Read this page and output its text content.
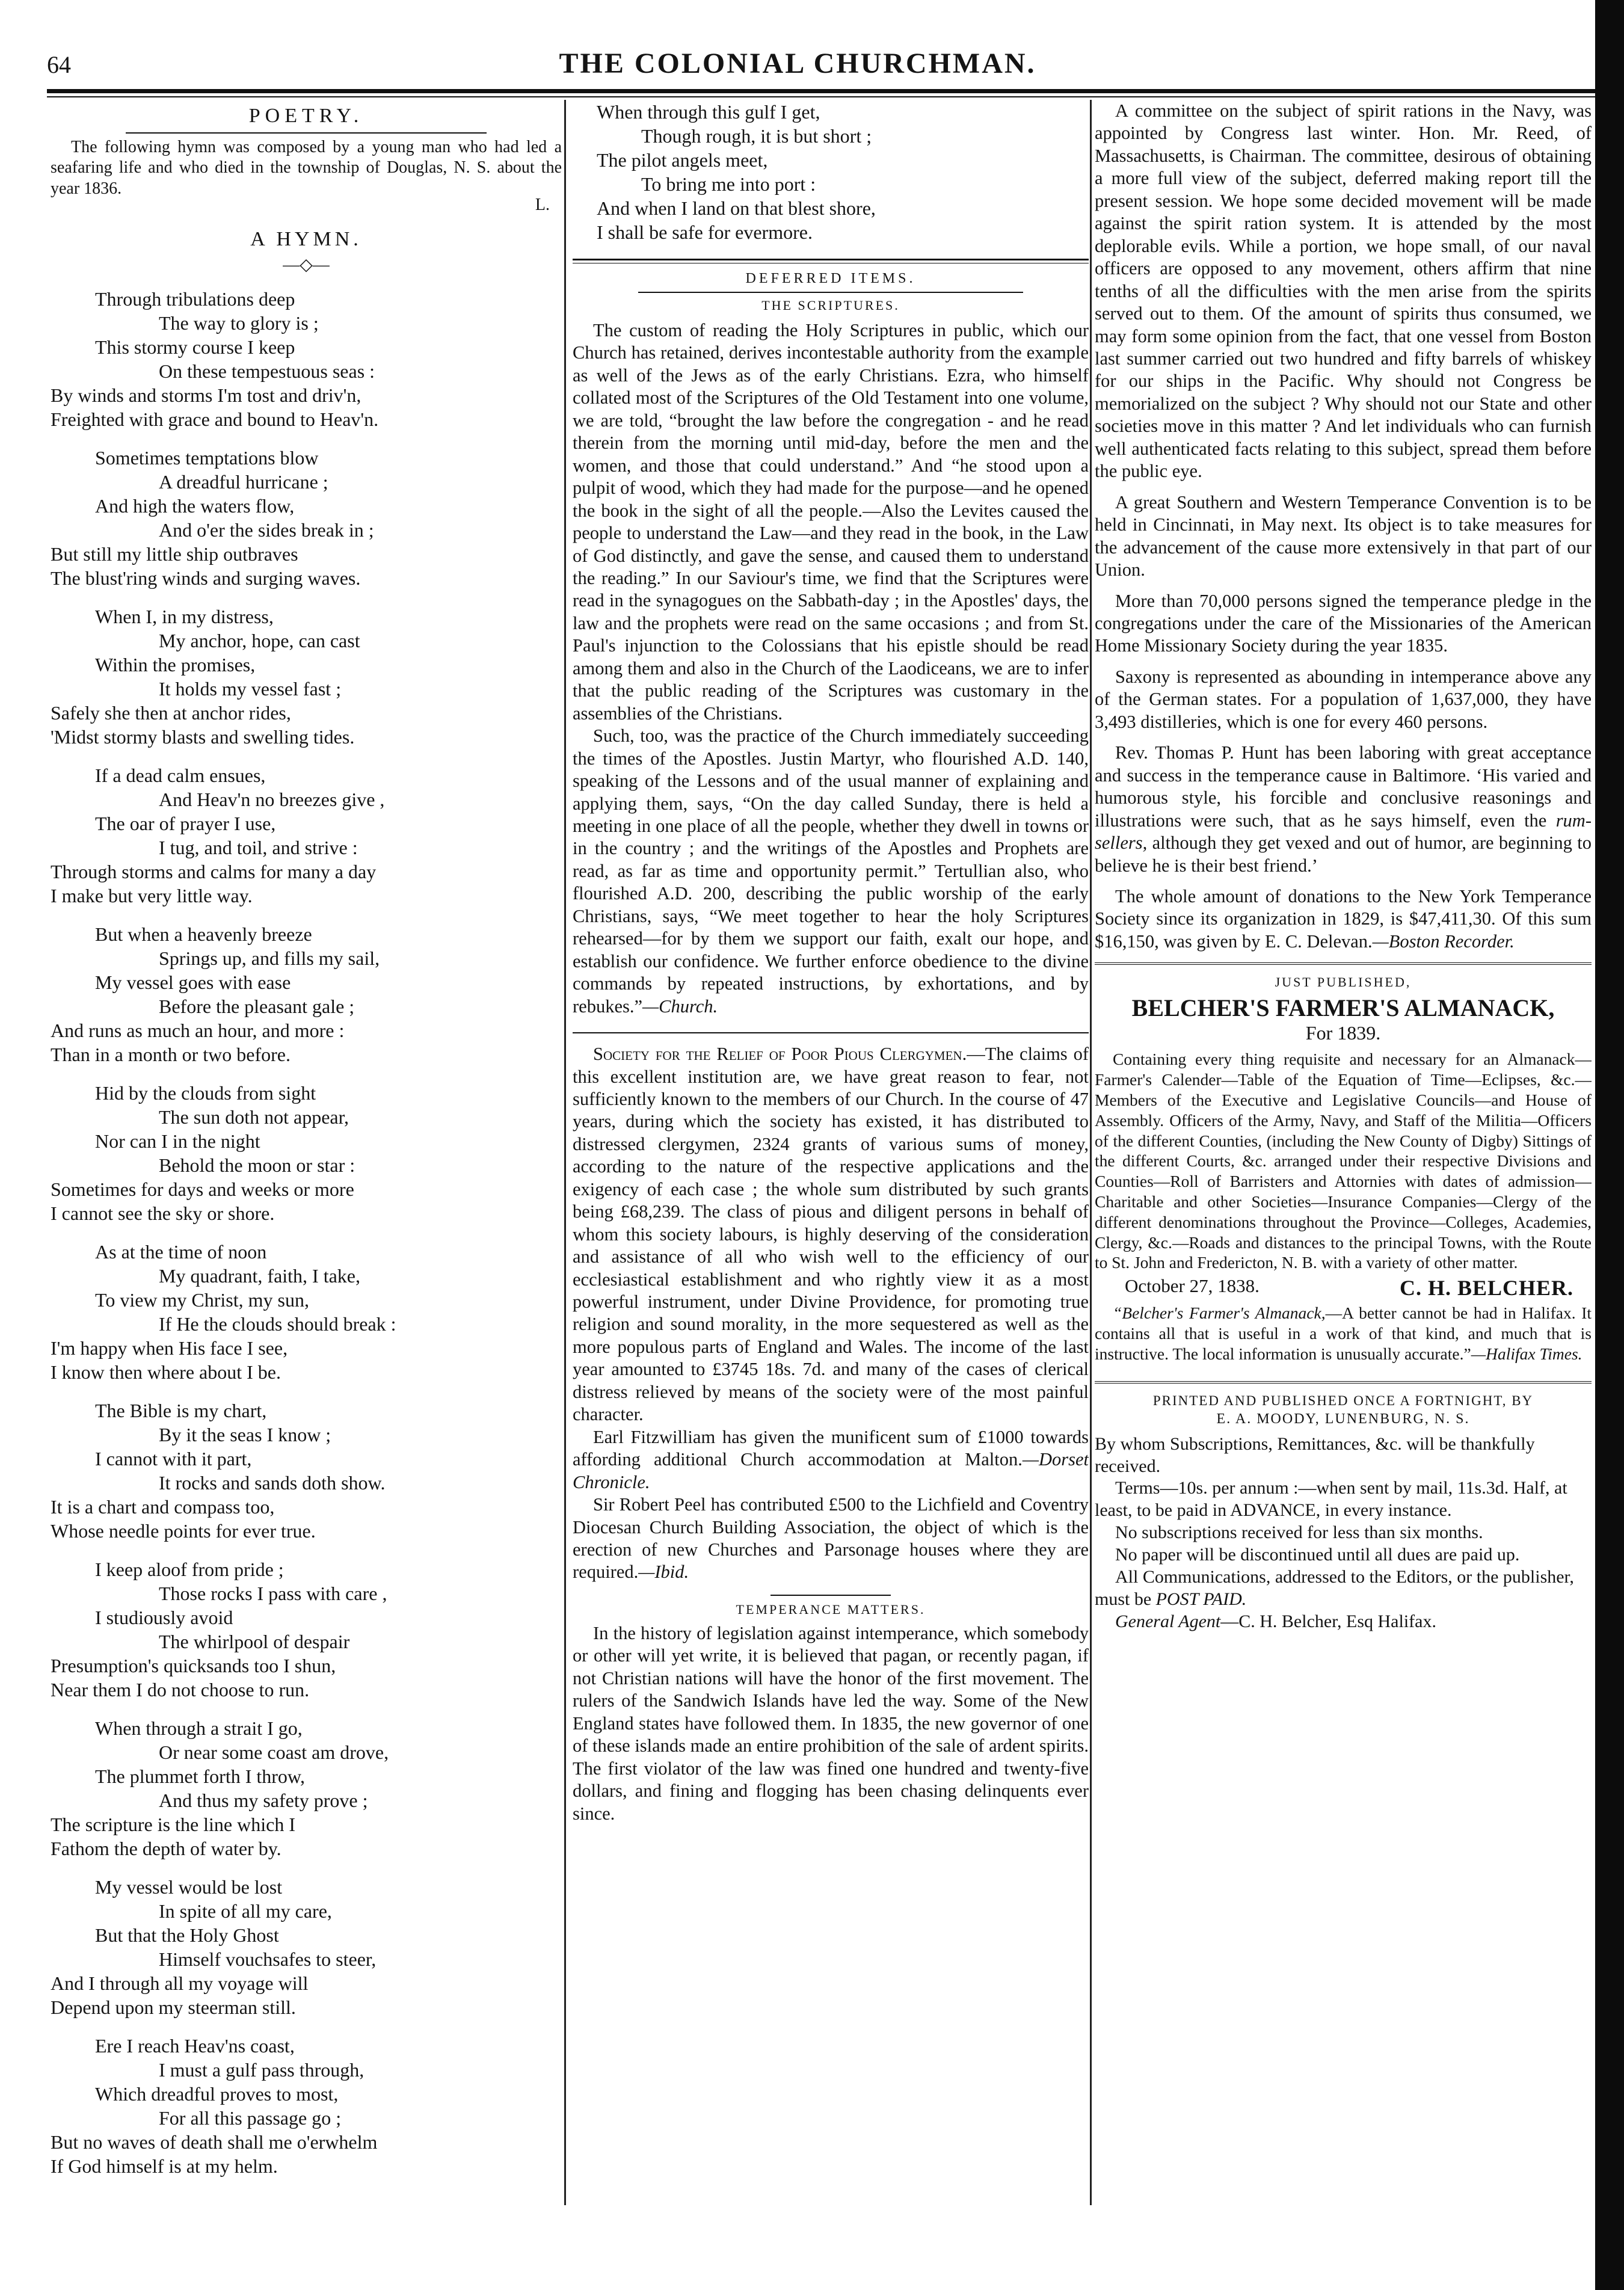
64	THE COLONIAL CHURCHMAN.

POETRY.

The following hymn was composed by a young man who had led a seafaring life and who died in the township of Douglas, N. S. about the year 1836.

L.
A HYMN.
—◇—
Through tribulations deep
The way to glory is ;
This stormy course I keep
On these tempestuous seas :
By winds and storms I'm tost and driv'n,
Freighted with grace and bound to Heav'n.
Sometimes temptations blow
A dreadful hurricane ;
And high the waters flow,
And o'er the sides break in ;
But still my little ship outbraves
The blust'ring winds and surging waves.
When I, in my distress,
My anchor, hope, can cast
Within the promises,
It holds my vessel fast ;
Safely she then at anchor rides,
'Midst stormy blasts and swelling tides.
If a dead calm ensues,
And Heav'n no breezes give ,
The oar of prayer I use,
I tug, and toil, and strive :
Through storms and calms for many a day
I make but very little way.
But when a heavenly breeze
Springs up, and fills my sail,
My vessel goes with ease
Before the pleasant gale ;
And runs as much an hour, and more :
Than in a month or two before.
Hid by the clouds from sight
The sun doth not appear,
Nor can I in the night
Behold the moon or star :
Sometimes for days and weeks or more
I cannot see the sky or shore.
As at the time of noon
My quadrant, faith, I take,
To view my Christ, my sun,
If He the clouds should break :
I'm happy when His face I see,
I know then where about I be.
The Bible is my chart,
By it the seas I know ;
I cannot with it part,
It rocks and sands doth show.
It is a chart and compass too,
Whose needle points for ever true.
I keep aloof from pride ;
Those rocks I pass with care ,
I studiously avoid
The whirlpool of despair
Presumption's quicksands too I shun,
Near them I do not choose to run.
When through a strait I go,
Or near some coast am drove,
The plummet forth I throw,
And thus my safety prove ;
The scripture is the line which I
Fathom the depth of water by.
My vessel would be lost
In spite of all my care,
But that the Holy Ghost
Himself vouchsafes to steer,
And I through all my voyage will
Depend upon my steerman still.
Ere I reach Heav'ns coast,
I must a gulf pass through,
Which dreadful proves to most,
For all this passage go ;
But no waves of death shall me o'erwhelm
If God himself is at my helm.
When through this gulf I get,
Though rough, it is but short ;
The pilot angels meet,
To bring me into port :
And when I land on that blest shore,
I shall be safe for evermore.

DEFERRED ITEMS.

THE SCRIPTURES.

The custom of reading the Holy Scriptures in public, which our Church has retained, derives incontestable authority from the example as well of the Jews as of the early Christians. Ezra, who himself collated most of the Scriptures of the Old Testament into one volume, we are told, “brought the law before the congregation - and he read therein from the morning until mid-day, before the men and the women, and those that could understand.” And “he stood upon a pulpit of wood, which they had made for the purpose—and he opened the book in the sight of all the people.—Also the Levites caused the people to understand the Law—and they read in the book, in the Law of God distinctly, and gave the sense, and caused them to understand the reading.” In our Saviour's time, we find that the Scriptures were read in the synagogues on the Sabbath-day ; in the Apostles' days, the law and the prophets were read on the same occasions ; and from St. Paul's injunction to the Colossians that his epistle should be read among them and also in the Church of the Laodiceans, we are to infer that the public reading of the Scriptures was customary in the assemblies of the Christians.

Such, too, was the practice of the Church immediately succeeding the times of the Apostles. Justin Martyr, who flourished A.D. 140, speaking of the Lessons and of the usual manner of explaining and applying them, says, “On the day called Sunday, there is held a meeting in one place of all the people, whether they dwell in towns or in the country ; and the writings of the Apostles and Prophets are read, as far as time and opportunity permit.” Tertullian also, who flourished A.D. 200, describing the public worship of the early Christians, says, “We meet together to hear the holy Scriptures rehearsed—for by them we support our faith, exalt our hope, and establish our confidence. We further enforce obedience to the divine commands by repeated instructions, by exhortations, and by rebukes.”—Church.

Society for the Relief of Poor Pious Clergymen.—The claims of this excellent institution are, we have great reason to fear, not sufficiently known to the members of our Church. In the course of 47 years, during which the society has existed, it has distributed to distressed clergymen, 2324 grants of various sums of money, according to the nature of the respective applications and the exigency of each case ; the whole sum distributed by such grants being £68,239. The class of pious and diligent persons in behalf of whom this society labours, is highly deserving of the consideration and assistance of all who wish well to the efficiency of our ecclesiastical establishment and who rightly view it as a most powerful instrument, under Divine Providence, for promoting true religion and sound morality, in the more sequestered as well as the more populous parts of England and Wales. The income of the last year amounted to £3745 18s. 7d. and many of the cases of clerical distress relieved by means of the society were of the most painful character.

Earl Fitzwilliam has given the munificent sum of £1000 towards affording additional Church accommodation at Malton.—Dorset Chronicle.

Sir Robert Peel has contributed £500 to the Lichfield and Coventry Diocesan Church Building Association, the object of which is the erection of new Churches and Parsonage houses where they are required.—Ibid.

TEMPERANCE MATTERS.

In the history of legislation against intemperance, which somebody or other will yet write, it is believed that pagan, or recently pagan, if not Christian nations will have the honor of the first movement. The rulers of the Sandwich Islands have led the way. Some of the New England states have followed them. In 1835, the new governor of one of these islands made an entire prohibition of the sale of ardent spirits. The first violator of the law was fined one hundred and twenty-five dollars, and fining and flogging has been chasing delinquents ever since.

A committee on the subject of spirit rations in the Navy, was appointed by Congress last winter. Hon. Mr. Reed, of Massachusetts, is Chairman. The committee, desirous of obtaining a more full view of the subject, deferred making report till the present session. We hope some decided movement will be made against the spirit ration system. It is attended by the most deplorable evils. While a portion, we hope small, of our naval officers are opposed to any movement, others affirm that nine tenths of all the difficulties with the men arise from the spirits served out to them. Of the amount of spirits thus consumed, we may form some opinion from the fact, that one vessel from Boston last summer carried out two hundred and fifty barrels of whiskey for our ships in the Pacific. Why should not Congress be memorialized on the subject ? Why should not our State and other societies move in this matter ? And let individuals who can furnish well authenticated facts relating to this subject, spread them before the public eye.

A great Southern and Western Temperance Convention is to be held in Cincinnati, in May next. Its object is to take measures for the advancement of the cause more extensively in that part of our Union.

More than 70,000 persons signed the temperance pledge in the congregations under the care of the Missionaries of the American Home Missionary Society during the year 1835.

Saxony is represented as abounding in intemperance above any of the German states. For a population of 1,637,000, they have 3,493 distilleries, which is one for every 460 persons.

Rev. Thomas P. Hunt has been laboring with great acceptance and success in the temperance cause in Baltimore. ‘His varied and humorous style, his forcible and conclusive reasonings and illustrations were such, that as he says himself, even the rum-sellers, although they get vexed and out of humor, are beginning to believe he is their best friend.’

The whole amount of donations to the New York Temperance Society since its organization in 1829, is $47,411,30. Of this sum $16,150, was given by E. C. Delevan.—Boston Recorder.

JUST PUBLISHED,

BELCHER'S FARMER'S ALMANACK,

For 1839.

Containing every thing requisite and necessary for an Almanack—Farmer's Calender—Table of the Equation of Time—Eclipses, &c.—Members of the Executive and Legislative Councils—and House of Assembly. Officers of the Army, Navy, and Staff of the Militia—Officers of the different Counties, (including the New County of Digby) Sittings of the different Courts, &c. arranged under their respective Divisions and Counties—Roll of Barristers and Attornies with dates of admission—Charitable and other Societies—Insurance Companies—Clergy of the different denominations throughout the Province—Colleges, Academies, Clergy, &c.—Roads and distances to the principal Towns, with the Route to St. John and Fredericton, N. B. with a variety of other matter.

October 27, 1838.	C. H. BELCHER.

“Belcher's Farmer's Almanack,—A better cannot be had in Halifax. It contains all that is useful in a work of that kind, and much that is instructive. The local information is unusually accurate.”—Halifax Times.

PRINTED AND PUBLISHED ONCE A FORTNIGHT, BY

E. A. MOODY, LUNENBURG, N. S.

By whom Subscriptions, Remittances, &c. will be thankfully received.

Terms—10s. per annum :—when sent by mail, 11s.3d. Half, at least, to be paid in ADVANCE, in every instance.

No subscriptions received for less than six months.

No paper will be discontinued until all dues are paid up.

All Communications, addressed to the Editors, or the publisher, must be POST PAID.

General Agent—C. H. Belcher, Esq Halifax.
